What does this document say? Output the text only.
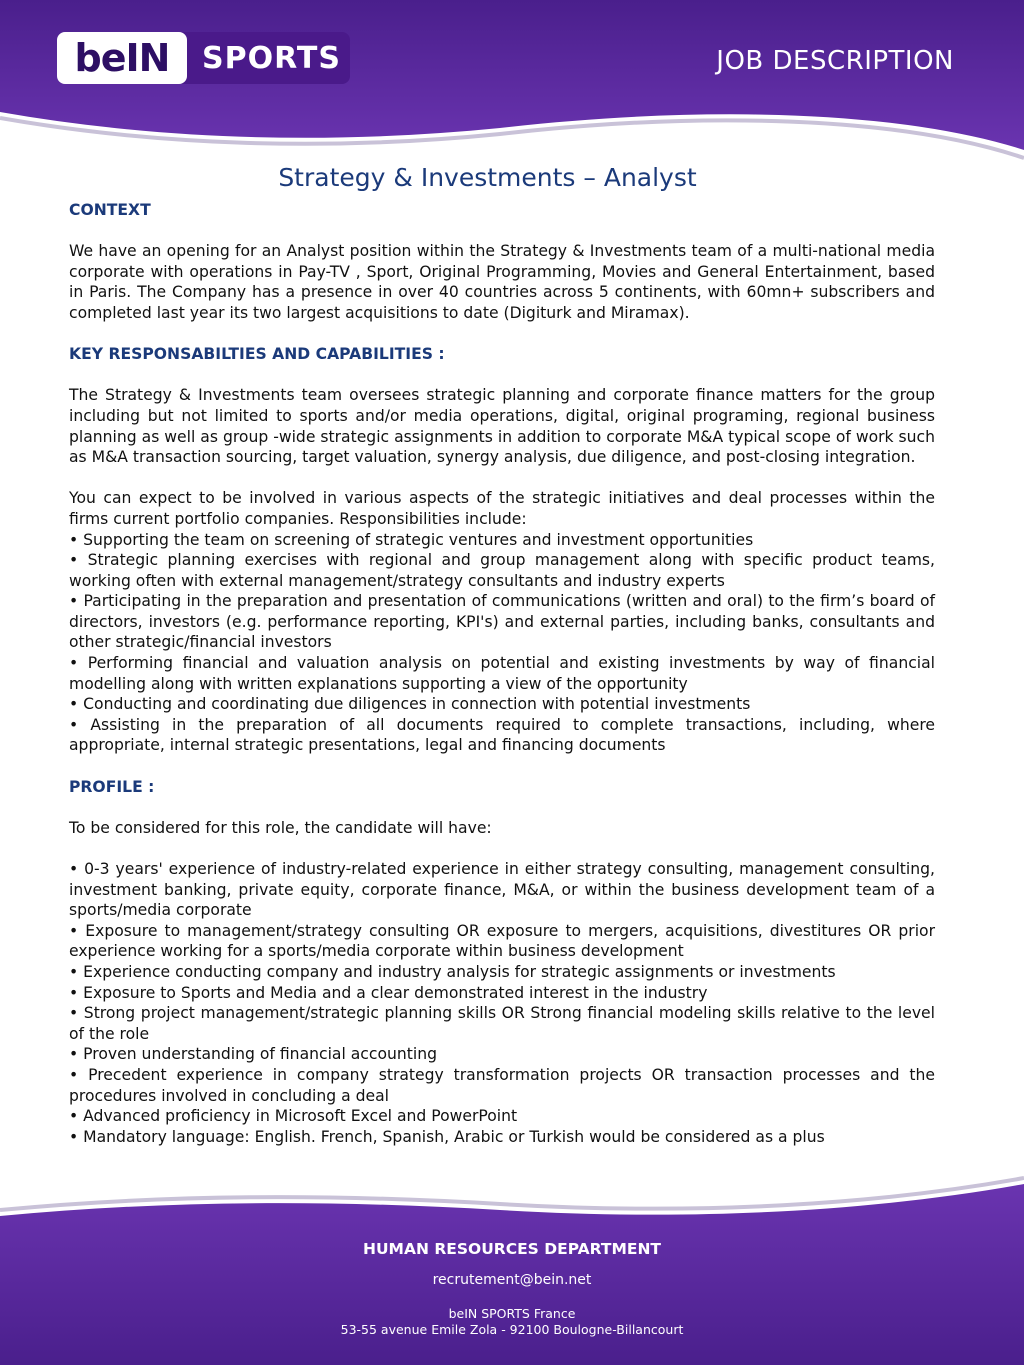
beIN	SPORTS	JOB DESCRIPTION
Strategy & Investments – Analyst

CONTEXT

We have an opening for an Analyst position within the Strategy & Investments team of a multi-national media corporate with operations in Pay-TV , Sport, Original Programming, Movies and General Entertainment, based in Paris. The Company has a presence in over 40 countries across 5 continents, with 60mn+ subscribers and completed last year its two largest acquisitions to date (Digiturk and Miramax).

KEY RESPONSABILTIES AND CAPABILITIES :

The Strategy & Investments team oversees strategic planning and corporate finance matters for the group including but not limited to sports and/or media operations, digital, original programing, regional business planning as well as group -wide strategic assignments in addition to corporate M&A typical scope of work such as M&A transaction sourcing, target valuation, synergy analysis, due diligence, and post-closing integration.

You can expect to be involved in various aspects of the strategic initiatives and deal processes within the firms current portfolio companies. Responsibilities include:

• Supporting the team on screening of strategic ventures and investment opportunities

• Strategic planning exercises with regional and group management along with specific product teams, working often with external management/strategy consultants and industry experts

• Participating in the preparation and presentation of communications (written and oral) to the firm’s board of directors, investors (e.g. performance reporting, KPI's) and external parties, including banks, consultants and other strategic/financial investors

• Performing financial and valuation analysis on potential and existing investments by way of financial modelling along with written explanations supporting a view of the opportunity

• Conducting and coordinating due diligences in connection with potential investments

• Assisting in the preparation of all documents required to complete transactions, including, where appropriate, internal strategic presentations, legal and financing documents

PROFILE :

To be considered for this role, the candidate will have:

• 0-3 years' experience of industry-related experience in either strategy consulting, management consulting, investment banking, private equity, corporate finance, M&A, or within the business development team of a sports/media corporate

• Exposure to management/strategy consulting OR exposure to mergers, acquisitions, divestitures OR prior experience working for a sports/media corporate within business development

• Experience conducting company and industry analysis for strategic assignments or investments

• Exposure to Sports and Media and a clear demonstrated interest in the industry

• Strong project management/strategic planning skills OR Strong financial modeling skills relative to the level of the role

• Proven understanding of financial accounting

• Precedent experience in company strategy transformation projects OR transaction processes and the procedures involved in concluding a deal

• Advanced proficiency in Microsoft Excel and PowerPoint

• Mandatory language: English. French, Spanish, Arabic or Turkish would be considered as a plus

HUMAN RESOURCES DEPARTMENT
recrutement@bein.net
beIN SPORTS France
53-55 avenue Emile Zola - 92100 Boulogne-Billancourt
